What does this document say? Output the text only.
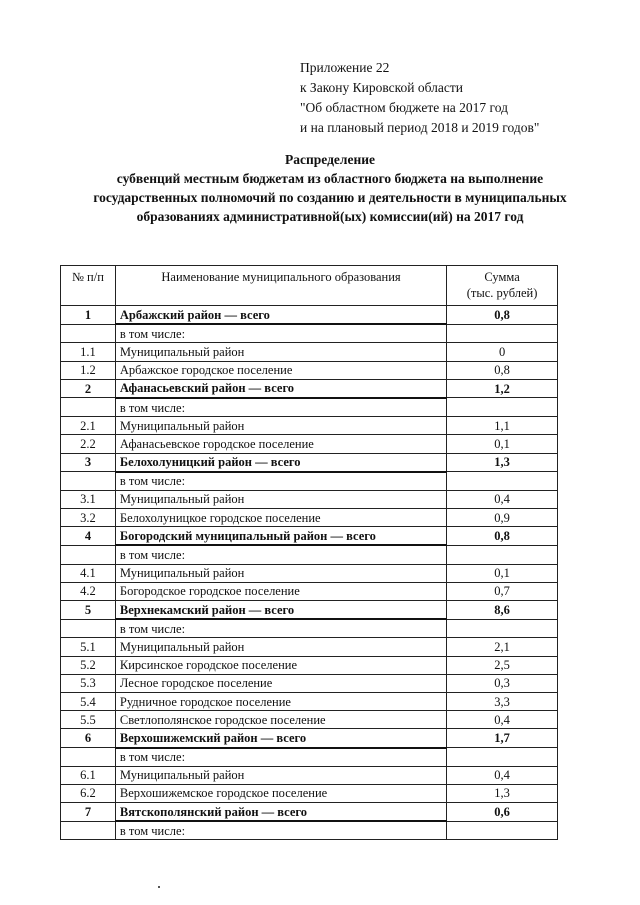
Приложение 22
к Закону Кировской области
"Об областном бюджете на 2017 год
и на плановый период 2018 и 2019 годов"
Распределение
субвенций местным бюджетам из областного бюджета на выполнение
государственных полномочий по созданию и деятельности в муниципальных
образованиях административной(ых) комиссии(ий) на 2017 год
№ п/п	Наименование муниципального образования	Сумма
(тыс. рублей)

1	Арбажский район — всего	0,8
	в том числе:	
1.1	Муниципальный район	0
1.2	Арбажское городское поселение	0,8
2	Афанасьевский район — всего	1,2
	в том числе:	
2.1	Муниципальный район	1,1
2.2	Афанасьевское городское поселение	0,1
3	Белохолуницкий район — всего	1,3
	в том числе:	
3.1	Муниципальный район	0,4
3.2	Белохолуницкое городское поселение	0,9
4	Богородский муниципальный район — всего	0,8
	в том числе:	
4.1	Муниципальный район	0,1
4.2	Богородское городское поселение	0,7
5	Верхнекамский район — всего	8,6
	в том числе:	
5.1	Муниципальный район	2,1
5.2	Кирсинское городское поселение	2,5
5.3	Лесное городское поселение	0,3
5.4	Рудничное городское поселение	3,3
5.5	Светлополянское городское поселение	0,4
6	Верхошижемский район — всего	1,7
	в том числе:	
6.1	Муниципальный район	0,4
6.2	Верхошижемское городское поселение	1,3
7	Вятскополянский район — всего	0,6
	в том числе:	
